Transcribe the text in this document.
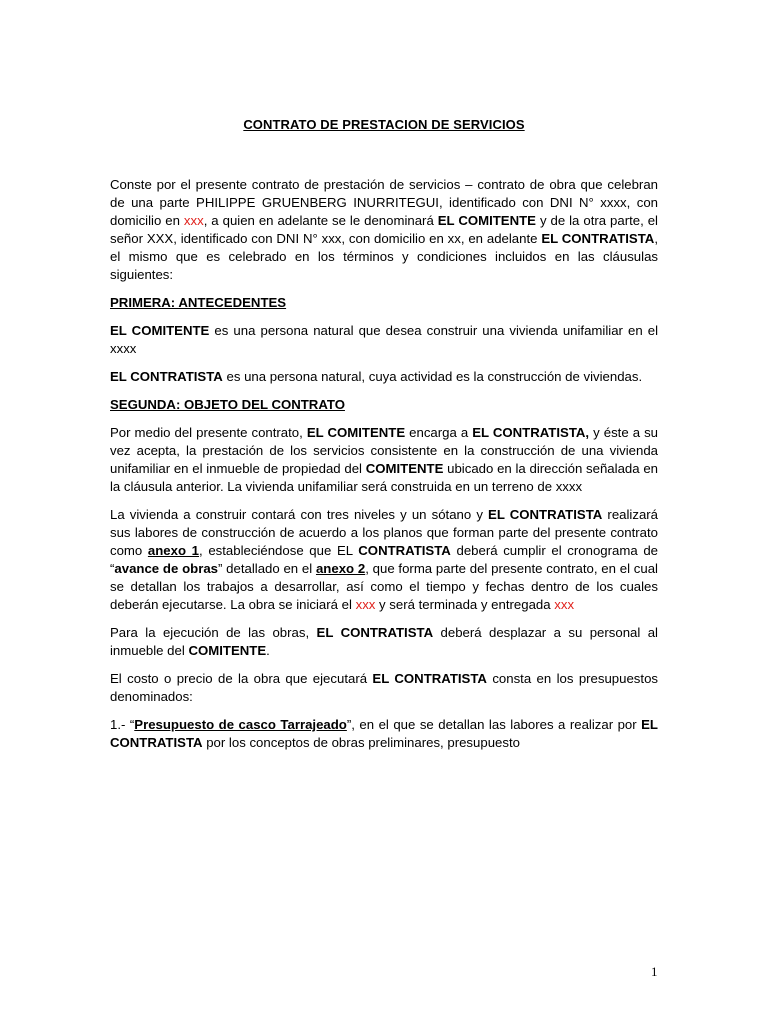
CONTRATO DE PRESTACION DE SERVICIOS

Conste por el presente contrato de prestación de servicios – contrato de obra que celebran de una parte PHILIPPE GRUENBERG INURRITEGUI, identificado con DNI N° xxxx, con domicilio en xxx, a quien en adelante se le denominará EL COMITENTE y de la otra parte, el señor XXX, identificado con DNI N° xxx, con domicilio en xx, en adelante EL CONTRATISTA, el mismo que es celebrado en los términos y condiciones incluidos en las cláusulas siguientes:

PRIMERA: ANTECEDENTES

EL COMITENTE es una persona natural que desea construir una vivienda unifamiliar en el xxxx

EL CONTRATISTA es una persona natural, cuya actividad es la construcción de viviendas.

SEGUNDA: OBJETO DEL CONTRATO

Por medio del presente contrato, EL COMITENTE encarga a EL CONTRATISTA, y éste a su vez acepta, la prestación de los servicios consistente en la construcción de una vivienda unifamiliar en el inmueble de propiedad del COMITENTE ubicado en la dirección señalada en la cláusula anterior. La vivienda unifamiliar será construida en un terreno de xxxx

La vivienda a construir contará con tres niveles y un sótano y EL CONTRATISTA realizará sus labores de construcción de acuerdo a los planos que forman parte del presente contrato como anexo 1, estableciéndose que EL CONTRATISTA deberá cumplir el cronograma de “avance de obras” detallado en el anexo 2, que forma parte del presente contrato, en el cual se detallan los trabajos a desarrollar, así como el tiempo y fechas dentro de los cuales deberán ejecutarse. La obra se iniciará el xxx y será terminada y entregada xxx

Para la ejecución de las obras, EL CONTRATISTA deberá desplazar a su personal al inmueble del COMITENTE.

El costo o precio de la obra que ejecutará EL CONTRATISTA consta en los presupuestos denominados:

1.- “Presupuesto de casco Tarrajeado”, en el que se detallan las labores a realizar por EL CONTRATISTA por los conceptos de obras preliminares, presupuesto

1
